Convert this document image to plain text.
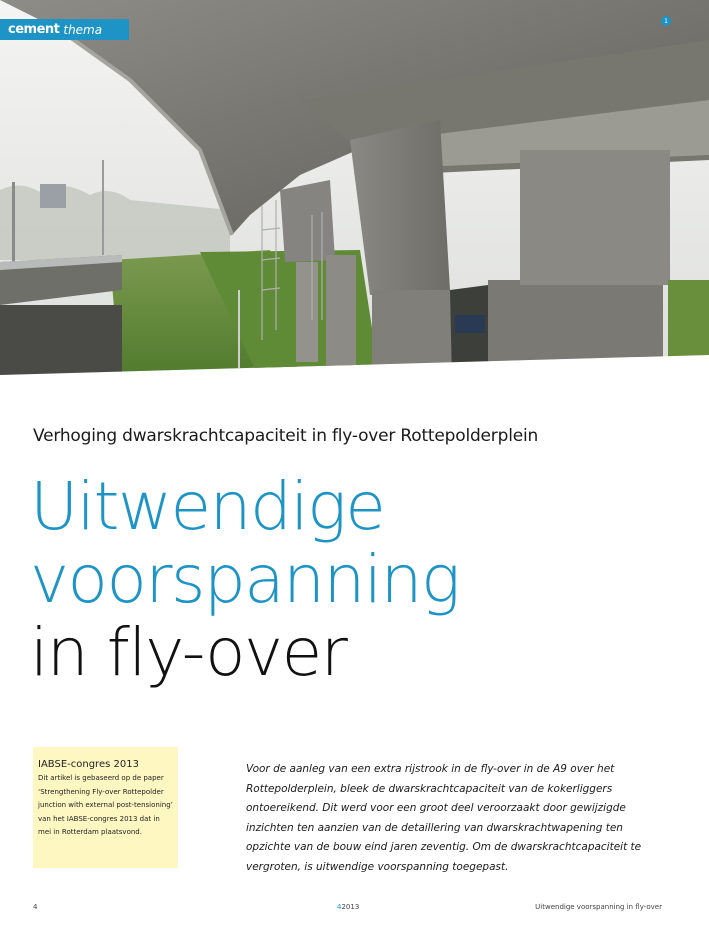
cement thema
1
Verhoging dwarskrachtcapaciteit in fly-over Rottepolderplein
Uitwendige
voorspanning
in fly-over
IABSE-congres 2013
Dit artikel is gebaseerd op de paper ‘Strengthening Fly-over Rottepolder junction with external post-tensioning’ van het IABSE-congres 2013 dat in mei in Rotterdam plaatsvond.

Voor de aanleg van een extra rijstrook in de fly-over in de A9 over het Rottepolderplein, bleek de dwarskrachtcapaciteit van de kokerliggers ontoereikend. Dit werd voor een groot deel veroorzaakt door gewijzigde inzichten ten aanzien van de detaillering van dwarskrachtwapening ten opzichte van de bouw eind jaren zeventig. Om de dwarskrachtcapaciteit te vergroten, is uitwendige voorspanning toegepast.

4	42013	Uitwendige voorspanning in fly-over
